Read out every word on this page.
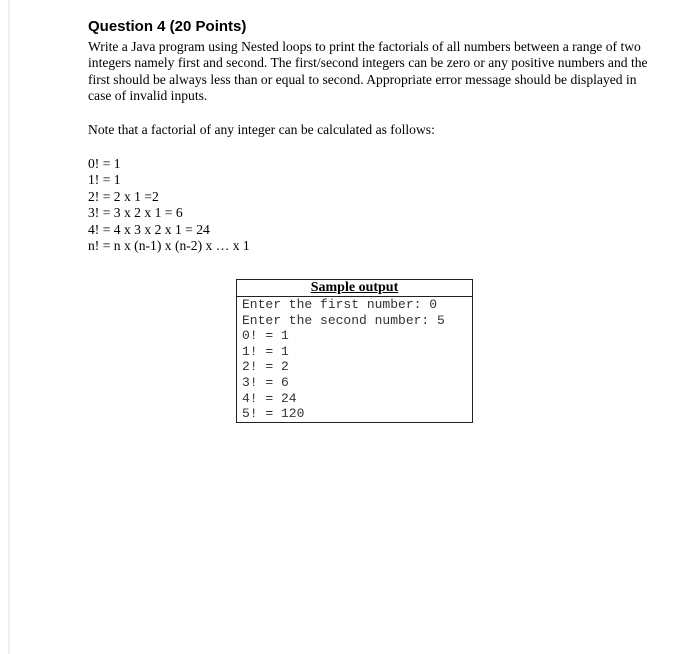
Question 4 (20 Points)

Write a Java program using Nested loops to print the factorials of all numbers between a range of two integers namely first and second. The first/second integers can be zero or any positive numbers and the first should be always less than or equal to second. Appropriate error message should be displayed in case of invalid inputs.

Note that a factorial of any integer can be calculated as follows:

0! = 1
1! = 1
2! = 2 x 1 =2
3! = 3 x 2 x 1 = 6
4! = 4 x 3 x 2 x 1 = 24
n! = n x (n-1) x (n-2) x … x 1
Sample output
Enter the first number: 0
Enter the second number: 5
0! = 1
1! = 1
2! = 2
3! = 6
4! = 24
5! = 120
